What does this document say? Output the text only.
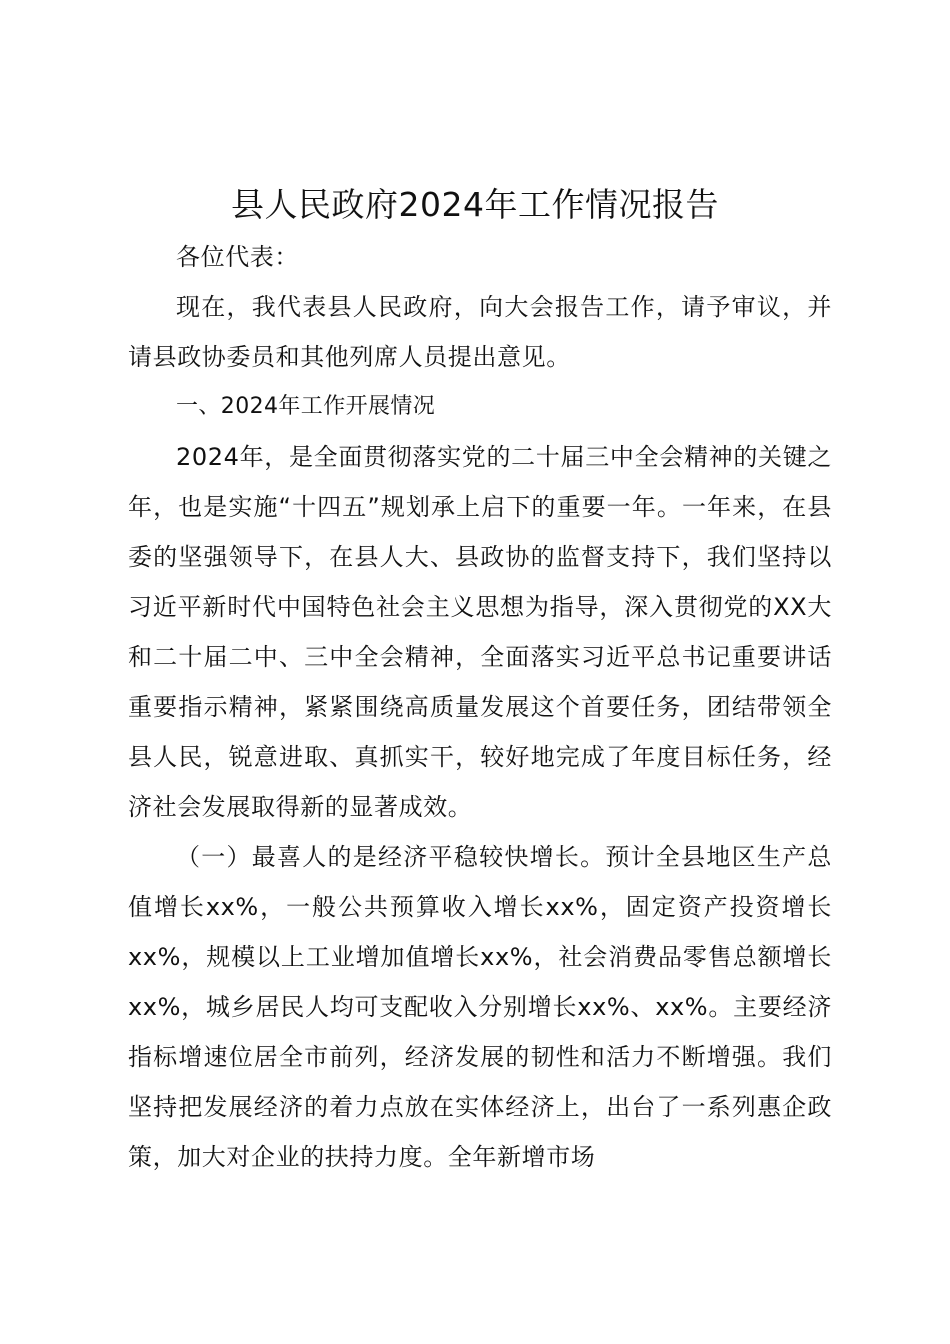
县人民政府2024年工作情况报告

各位代表：

现在，我代表县人民政府，向大会报告工作，请予审议，并请县政协委员和其他列席人员提出意见。

一、2024年工作开展情况

2024年，是全面贯彻落实党的二十届三中全会精神的关键之年，也是实施“十四五”规划承上启下的重要一年。一年来，在县委的坚强领导下，在县人大、县政协的监督支持下，我们坚持以习近平新时代中国特色社会主义思想为指导，深入贯彻党的XX大和二十届二中、三中全会精神，全面落实习近平总书记重要讲话重要指示精神，紧紧围绕高质量发展这个首要任务，团结带领全县人民，锐意进取、真抓实干，较好地完成了年度目标任务，经济社会发展取得新的显著成效。

（一）最喜人的是经济平稳较快增长。预计全县地区生产总值增长xx%，一般公共预算收入增长xx%，固定资产投资增长xx%，规模以上工业增加值增长xx%，社会消费品零售总额增长xx%，城乡居民人均可支配收入分别增长xx%、xx%。主要经济指标增速位居全市前列，经济发展的韧性和活力不断增强。我们坚持把发展经济的着力点放在实体经济上，出台了一系列惠企政策，加大对企业的扶持力度。全年新增市场
